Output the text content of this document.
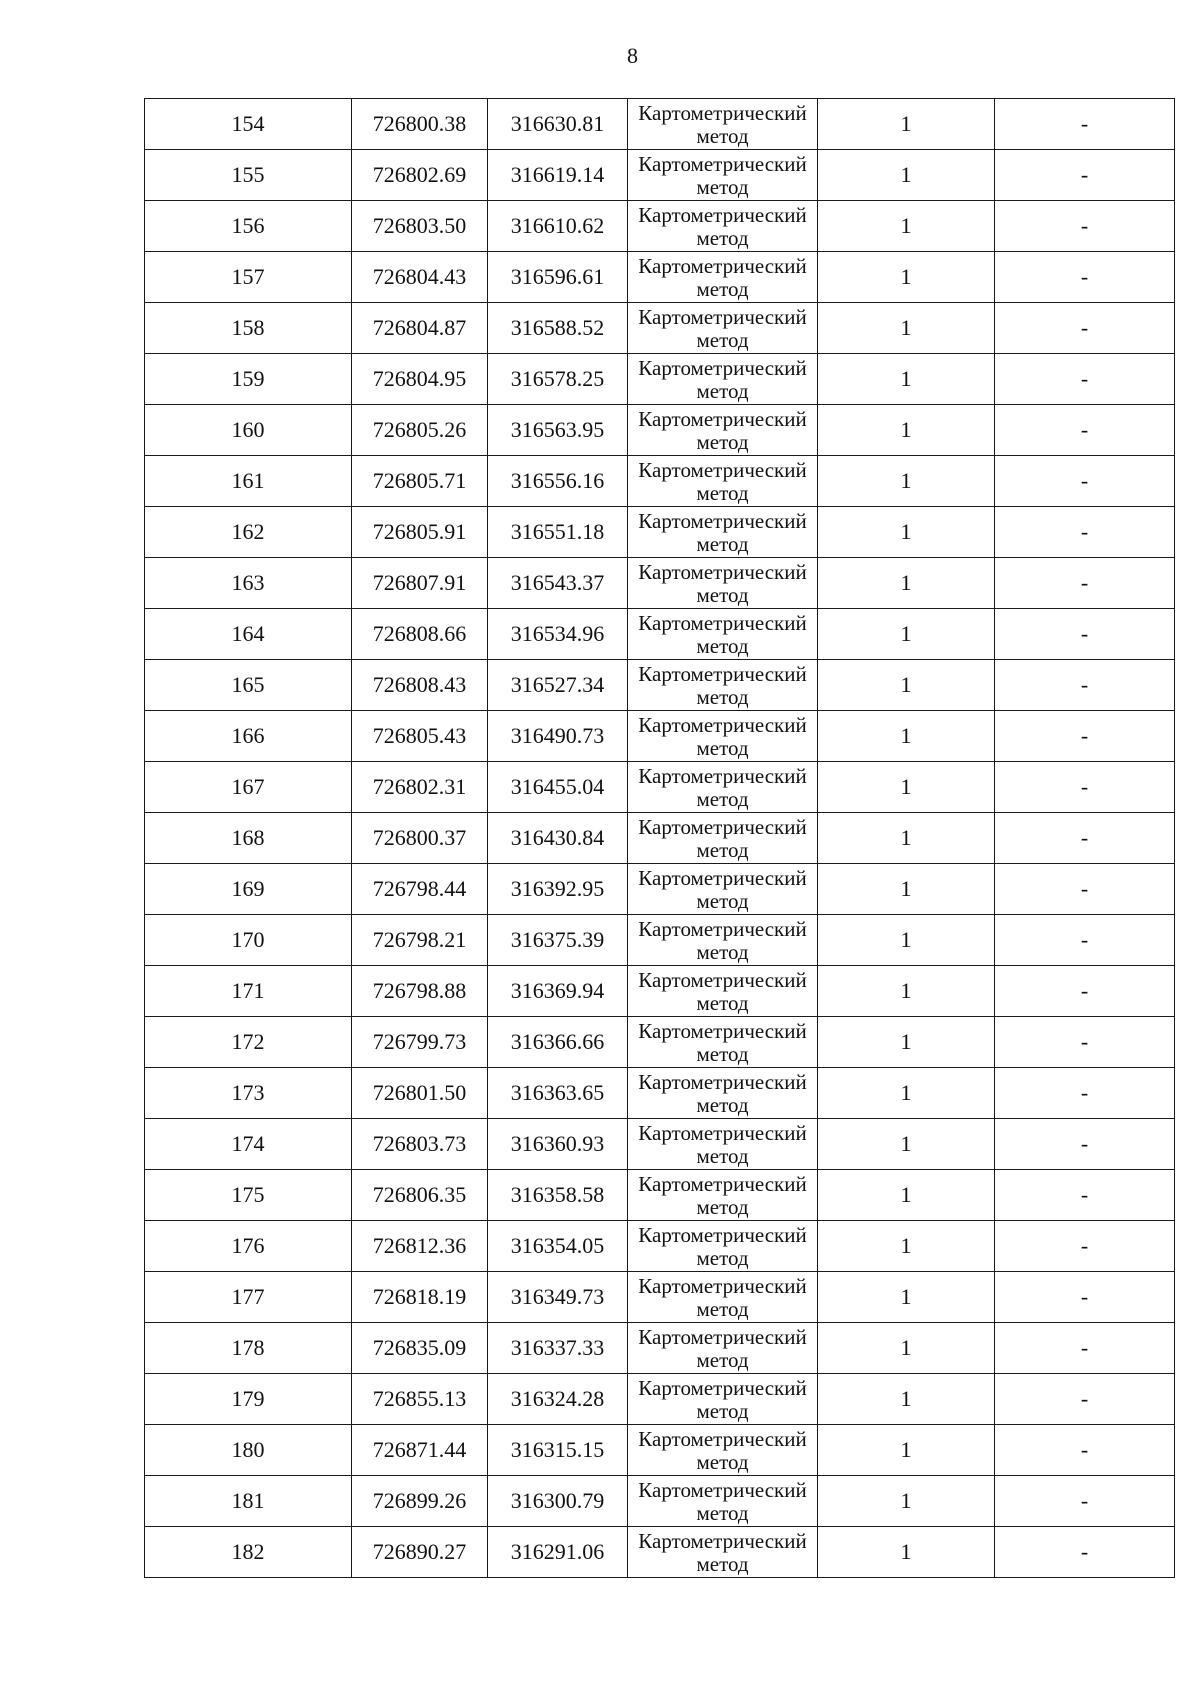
8
154	726800.38	316630.81	Картометрический
метод	1	-
155	726802.69	316619.14	Картометрический
метод	1	-
156	726803.50	316610.62	Картометрический
метод	1	-
157	726804.43	316596.61	Картометрический
метод	1	-
158	726804.87	316588.52	Картометрический
метод	1	-
159	726804.95	316578.25	Картометрический
метод	1	-
160	726805.26	316563.95	Картометрический
метод	1	-
161	726805.71	316556.16	Картометрический
метод	1	-
162	726805.91	316551.18	Картометрический
метод	1	-
163	726807.91	316543.37	Картометрический
метод	1	-
164	726808.66	316534.96	Картометрический
метод	1	-
165	726808.43	316527.34	Картометрический
метод	1	-
166	726805.43	316490.73	Картометрический
метод	1	-
167	726802.31	316455.04	Картометрический
метод	1	-
168	726800.37	316430.84	Картометрический
метод	1	-
169	726798.44	316392.95	Картометрический
метод	1	-
170	726798.21	316375.39	Картометрический
метод	1	-
171	726798.88	316369.94	Картометрический
метод	1	-
172	726799.73	316366.66	Картометрический
метод	1	-
173	726801.50	316363.65	Картометрический
метод	1	-
174	726803.73	316360.93	Картометрический
метод	1	-
175	726806.35	316358.58	Картометрический
метод	1	-
176	726812.36	316354.05	Картометрический
метод	1	-
177	726818.19	316349.73	Картометрический
метод	1	-
178	726835.09	316337.33	Картометрический
метод	1	-
179	726855.13	316324.28	Картометрический
метод	1	-
180	726871.44	316315.15	Картометрический
метод	1	-
181	726899.26	316300.79	Картометрический
метод	1	-
182	726890.27	316291.06	Картометрический
метод	1	-
